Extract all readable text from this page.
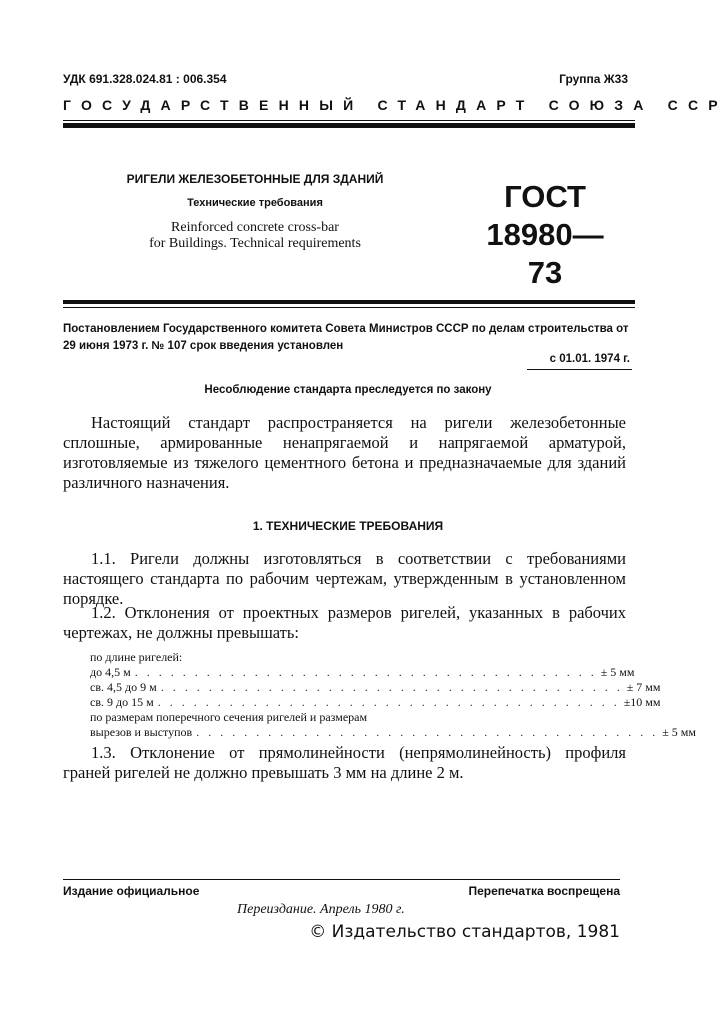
УДК 691.328.024.81 : 006.354	Группа Ж33
ГОСУДАРСТВЕННЫЙ СТАНДАРТ СОЮЗА ССР
РИГЕЛИ ЖЕЛЕЗОБЕТОННЫЕ ДЛЯ ЗДАНИЙ
Технические требования
Reinforced concrete cross-bar
for Buildings. Technical requirements
ГОСТ
18980—73
Постановлением Государственного комитета Совета Министров СССР по делам строительства от 29 июня 1973 г. № 107 срок введения установлен
с 01.01. 1974 г.
Несоблюдение стандарта преследуется по закону
Настоящий стандарт распространяется на ригели железобетонные сплошные, армированные ненапрягаемой и напрягаемой арматурой, изготовляемые из тяжелого цементного бетона и предназначаемые для зданий различного назначения.
1. ТЕХНИЧЕСКИЕ ТРЕБОВАНИЯ
1.1. Ригели должны изготовляться в соответствии с требованиями настоящего стандарта по рабочим чертежам, утвержденным в установленном порядке.
1.2. Отклонения от проектных размеров ригелей, указанных в рабочих чертежах, не должны превышать:
по длине ригелей:
до 4,5 м . . . . . . . . . . . . . . . . . . . . . . . . . . . . . . . . . . . . . . . ± 5 мм
св. 4,5 до 9 м . . . . . . . . . . . . . . . . . . . . . . . . . . . . . . . . . . . . . . . ± 7 мм
св. 9 до 15 м . . . . . . . . . . . . . . . . . . . . . . . . . . . . . . . . . . . . . . . ±10 мм
по размерам поперечного сечения ригелей и размерам
вырезов и выступов . . . . . . . . . . . . . . . . . . . . . . . . . . . . . . . . . . . . . . . ± 5 мм
1.3. Отклонение от прямолинейности (непрямолинейность) профиля граней ригелей не должно превышать 3 мм на длине 2 м.
Издание официальное	Перепечатка воспрещена
Переиздание. Апрель 1980 г.
© Издательство стандартов, 1981
